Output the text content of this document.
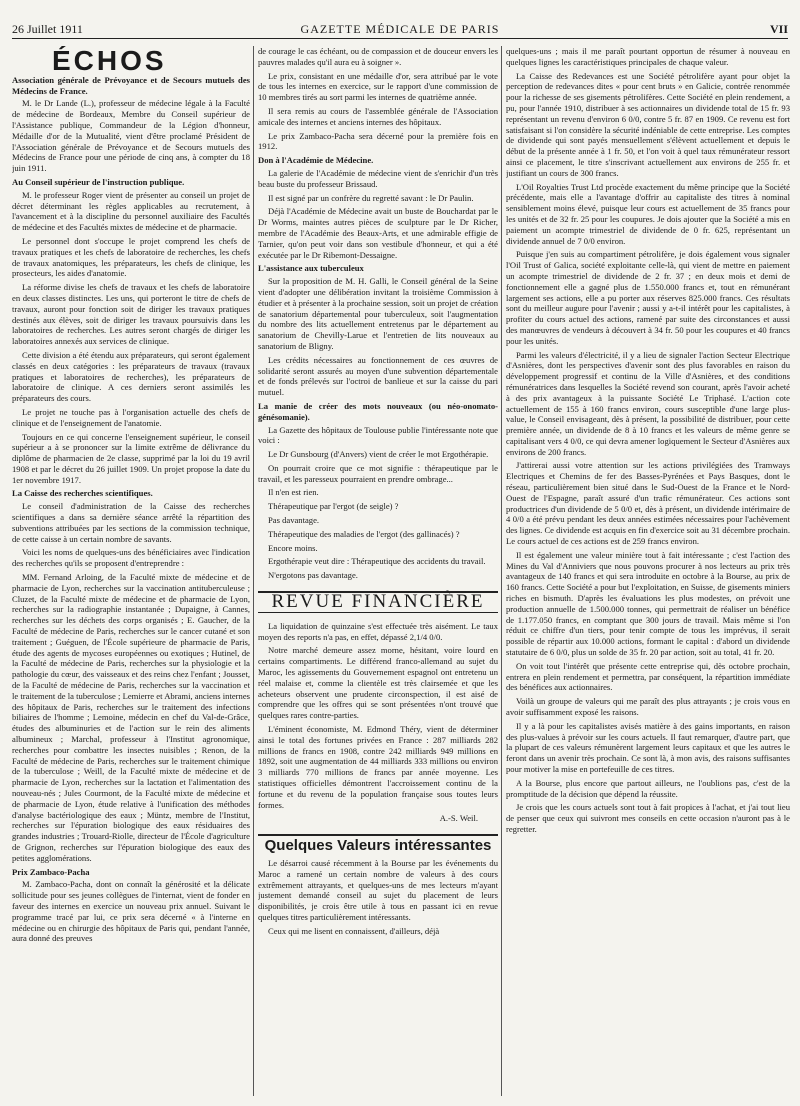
26 Juillet 1911	GAZETTE MÉDICALE DE PARIS	VII
ÉCHOS
Association générale de Prévoyance et de Secours mutuels des Médecins de France.

M. le Dr Lande (L.), professeur de médecine légale à la Faculté de médecine de Bordeaux, Membre du Conseil supérieur de l'Assistance publique, Commandeur de la Légion d'honneur, Médaille d'or de la Mutualité, vient d'être proclamé Président de l'Association générale de Prévoyance et de Secours mutuels des Médecins de France pour une période de cinq ans, à compter du 18 juin 1911.

Au Conseil supérieur de l'instruction publique.

M. le professeur Roger vient de présenter au conseil un projet de décret déterminant les règles applicables au recrutement, à l'avancement et à la discipline du personnel auxiliaire des Facultés de médecine et des Facultés mixtes de médecine et de pharmacie.

Le personnel dont s'occupe le projet comprend les chefs de travaux pratiques et les chefs de laboratoire de recherches, les chefs de travaux anatomiques, les préparateurs, les chefs de clinique, les prosecteurs, les aides d'anatomie.

La réforme divise les chefs de travaux et les chefs de laboratoire en deux classes distinctes. Les uns, qui porteront le titre de chefs de travaux, auront pour fonction soit de diriger les travaux pratiques destinés aux élèves, soit de diriger les travaux poursuivis dans les laboratoires de recherches. Les autres seront chargés de diriger les laboratoires annexés aux services de clinique.

Cette division a été étendu aux préparateurs, qui seront également classés en deux catégories : les préparateurs de travaux (travaux pratiques et laboratoires de recherches), les préparateurs de laboratoire de clinique. A ces derniers seront assimilés les préparateurs des cours.

Le projet ne touche pas à l'organisation actuelle des chefs de clinique et de l'enseignement de l'anatomie.

Toujours en ce qui concerne l'enseignement supérieur, le conseil supérieur a à se prononcer sur la limite extrême de délivrance du diplôme de pharmacien de 2e classe, supprimé par la loi du 19 avril 1908 et par le décret du 26 juillet 1909. Un projet propose la date du 1er novembre 1917.

La Caisse des recherches scientifiques.

Le conseil d'administration de la Caisse des recherches scientifiques a dans sa dernière séance arrêté la répartition des subventions attribuées par les sections de la commission technique, de cette caisse à un certain nombre de savants.

Voici les noms de quelques-uns des bénéficiaires avec l'indication des recherches qu'ils se proposent d'entreprendre :

MM. Fernand Arloing, de la Faculté mixte de médecine et de pharmacie de Lyon, recherches sur la vaccination antituberculeuse ; Cluzet, de la Faculté mixte de médecine et de pharmacie de Lyon, recherches sur la radiographie instantanée ; Dupaigne, à Cannes, recherches sur les déchets des corps organisés ; E. Gaucher, de la Faculté de médecine de Paris, recherches sur le cancer cutané et son traitement ; Guéguen, de l'École supérieure de pharmacie de Paris, étude des agents de mycoses européennes ou exotiques ; Hutinel, de la Faculté de médecine de Paris, recherches sur la physiologie et la pathologie du cœur, des vaisseaux et des reins chez l'enfant ; Jousset, de la Faculté de médecine de Paris, recherches sur la vaccination et le traitement de la tuberculose ; Lemierre et Abrami, anciens internes des hôpitaux de Paris, recherches sur le traitement des infections biliaires de l'homme ; Lemoine, médecin en chef du Val-de-Grâce, études des albuminuries et de l'action sur le rein des aliments albumineux ; Marchal, professeur à l'Institut agronomique, recherches pour combattre les insectes nuisibles ; Renon, de la Faculté de médecine de Paris, recherches sur le traitement chimique de la tuberculose ; Weill, de la Faculté mixte de médecine et de pharmacie de Lyon, recherches sur la lactation et l'alimentation des nouveau-nés ; Jules Courmont, de la Faculté mixte de médecine et de pharmacie de Lyon, étude relative à l'unification des méthodes d'analyse bactériologique des eaux ; Müntz, membre de l'Institut, recherches sur l'épuration biologique des eaux résiduaires des grandes industries ; Trouard-Riolle, directeur de l'École d'agriculture de Grignon, recherches sur l'épuration biologique des eaux des petites agglomérations.

Prix Zambaco-Pacha

M. Zambaco-Pacha, dont on connaît la générosité et la délicate sollicitude pour ses jeunes collègues de l'internat, vient de fonder en faveur des internes en exercice un nouveau prix annuel. Suivant le programme tracé par lui, ce prix sera décerné « à l'interne en médecine ou en chirurgie des hôpitaux de Paris qui, pendant l'année, aura donné des preuves

de courage le cas échéant, ou de compassion et de douceur envers les pauvres malades qu'il aura eu à soigner ».

Le prix, consistant en une médaille d'or, sera attribué par le vote de tous les internes en exercice, sur le rapport d'une commission de 10 membres tirés au sort parmi les internes de quatrième année.

Il sera remis au cours de l'assemblée générale de l'Association amicale des internes et anciens internes des hôpitaux.

Le prix Zambaco-Pacha sera décerné pour la première fois en 1912.

Don à l'Académie de Médecine.

La galerie de l'Académie de médecine vient de s'enrichir d'un très beau buste du professeur Brissaud.

Il est signé par un confrère du regretté savant : le Dr Paulin.

Déjà l'Académie de Médecine avait un buste de Bouchardat par le Dr Worms, maintes autres pièces de sculpture par le Dr Richer, membre de l'Académie des Beaux-Arts, et une admirable effigie de Tarnier, qu'on peut voir dans son vestibule d'honneur, et qui a été exécutée par le Dr Ribemont-Dessaigne.

L'assistance aux tuberculeux

Sur la proposition de M. H. Galli, le Conseil général de la Seine vient d'adopter une délibération invitant la troisième Commission à étudier et à présenter à la prochaine session, soit un projet de création de sanatorium départemental pour tuberculeux, soit l'augmentation du nombre des lits actuellement entretenus par le département au sanatorium de Chevilly-Larue et l'entretien de lits nouveaux au sanatorium de Bligny.

Les crédits nécessaires au fonctionnement de ces œuvres de solidarité seront assurés au moyen d'une subvention départementale et de fonds prélevés sur l'octroi de banlieue et sur la caisse du pari mutuel.

La manie de créer des mots nouveaux (ou néo-onomato-génésomanie).

La Gazette des hôpitaux de Toulouse publie l'intéressante note que voici :

Le Dr Gunsbourg (d'Anvers) vient de créer le mot Ergothérapie.

On pourrait croire que ce mot signifie : thérapeutique par le travail, et les paresseux pourraient en prendre ombrage...

Il n'en est rien.

Thérapeutique par l'ergot (de seigle) ?

Pas davantage.

Thérapeutique des maladies de l'ergot (des gallinacés) ?

Encore moins.

Ergothérapie veut dire : Thérapeutique des accidents du travail.

N'ergotons pas davantage.

REVUE FINANCIÈRE

La liquidation de quinzaine s'est effectuée très aisément. Le taux moyen des reports n'a pas, en effet, dépassé 2,1/4 0/0.

Notre marché demeure assez morne, hésitant, voire lourd en certains compartiments. Le différend franco-allemand au sujet du Maroc, les agissements du Gouvernement espagnol ont entretenu un réel malaise et, comme la clientèle est très clairsemée et que les acheteurs observent une prudente circonspection, il est aisé de comprendre que les offres qui se sont présentées n'ont trouvé que quelques rares contre-parties.

L'éminent économiste, M. Edmond Théry, vient de déterminer ainsi le total des fortunes privées en France : 287 milliards 282 millions de francs en 1908, contre 242 milliards 949 millions en 1892, soit une augmentation de 44 milliards 333 millions ou environ 3 milliards 770 millions de francs par année moyenne. Les statistiques officielles démontrent l'accroissement continu de la fortune et du revenu de la population française sous toutes leurs formes.

A.-S. Weil.
Quelques Valeurs intéressantes

Le désarroi causé récemment à la Bourse par les événements du Maroc a ramené un certain nombre de valeurs à des cours extrêmement attrayants, et quelques-uns de mes lecteurs m'ayant justement demandé conseil au sujet du placement de leurs disponibilités, je crois être utile à tous en passant ici en revue quelques titres particulièrement intéressants.

Ceux qui me lisent en connaissent, d'ailleurs, déjà

quelques-uns ; mais il me paraît pourtant opportun de résumer à nouveau en quelques lignes les caractéristiques principales de chaque valeur.

La Caisse des Redevances est une Société pétrolifère ayant pour objet la perception de redevances dites « pour cent bruts » en Galicie, contrée renommée pour la richesse de ses gisements pétrolifères. Cette Société en plein rendement, a pu, pour l'année 1910, distribuer à ses actionnaires un dividende total de 15 fr. 93 représentant un revenu d'environ 6 0/0, contre 5 fr. 87 en 1909. Ce revenu est fort satisfaisant si l'on considère la sécurité indéniable de cette entreprise. Les comptes de dividende qui sont payés mensuellement s'élèvent actuellement et depuis le début de la présente année à 1 fr. 50, et l'on voit à quel taux rémunérateur ressort ainsi ce placement, le titre s'inscrivant actuellement aux environs de 255 fr. et justifiant un cours de 300 francs.

L'Oil Royalties Trust Ltd procède exactement du même principe que la Société précédente, mais elle a l'avantage d'offrir au capitaliste des titres à nominal sensiblement moins élevé, puisque leur cours est actuellement de 35 francs pour les unités et de 32 fr. 25 pour les coupures. Je dois ajouter que la Société a mis en paiement un acompte trimestriel de dividende de 0 fr. 625, représentant un dividende annuel de 7 0/0 environ.

Puisque j'en suis au compartiment pétrolifère, je dois également vous signaler l'Oil Trust of Galica, société exploitante celle-là, qui vient de mettre en paiement un acompte trimestriel de dividende de 2 fr. 37 ; en deux mois et demi de fonctionnement elle a gagné plus de 1.550.000 francs et, tout en rémunérant largement ses actions, elle a pu porter aux réserves 825.000 francs. Ces résultats sont du meilleur augure pour l'avenir ; aussi y a-t-il intérêt pour les capitalistes, à profiter du cours actuel des actions, ramené par suite des circonstances et aussi des manœuvres de vendeurs à découvert à 34 fr. 50 pour les coupures et 40 francs pour les unités.

Parmi les valeurs d'électricité, il y a lieu de signaler l'action Secteur Electrique d'Asnières, dont les perspectives d'avenir sont des plus favorables en raison du développement progressif et continu de la Ville d'Asnières, et des conditions rémunératrices dans lesquelles la Société revend son courant, après l'avoir acheté à des prix avantageux à la puissante Société Le Triphasé. L'action cote actuellement de 155 à 160 francs environ, cours susceptible d'une large plus-value, le Conseil envisageant, dès à présent, la possibilité de distribuer, pour cette première année, un dividende de 8 à 10 francs et les valeurs de même genre se capitalisant vers 4 0/0, ce qui devra amener logiquement le Secteur d'Asnières aux environs de 200 francs.

J'attirerai aussi votre attention sur les actions privilégiées des Tramways Electriques et Chemins de fer des Basses-Pyrénées et Pays Basques, dont le réseau, particulièrement bien situé dans le Sud-Ouest de la France et le Nord-Ouest de l'Espagne, paraît assuré d'un trafic rémunérateur. Ces actions sont productrices d'un dividende de 5 0/0 et, dès à présent, un dividende intérimaire de 4 0/0 a été prévu pendant les deux années estimées nécessaires pour l'achèvement des lignes. Ce dividende est acquis en fin d'exercice soit au 31 décembre prochain. Le cours actuel de ces actions est de 259 francs environ.

Il est également une valeur minière tout à fait intéressante ; c'est l'action des Mines du Val d'Anniviers que nous pouvons procurer à nos lecteurs au prix très avantageux de 140 francs et qui sera introduite en octobre à la Bourse, au prix de 160 francs. Cette Société a pour but l'exploitation, en Suisse, de gisements miniers riches en bismuth. D'après les évaluations les plus modestes, on prévoit une production annuelle de 1.500.000 tonnes, qui permettrait de réaliser un bénéfice de 1.177.050 francs, en comptant que 300 jours de travail. Mais même si l'on réduit ce chiffre d'un tiers, pour tenir compte de tous les imprévus, il serait possible de répartir aux 10.000 actions, formant le capital : d'abord un dividende statutaire de 6 0/0, plus un solde de 35 fr. 20 par action, soit au total, 41 fr. 20.

On voit tout l'intérêt que présente cette entreprise qui, dès octobre prochain, entrera en plein rendement et permettra, par conséquent, la répartition immédiate des bénéfices aux actionnaires.

Voilà un groupe de valeurs qui me paraît des plus attrayants ; je crois vous en avoir suffisamment exposé les raisons.

Il y a là pour les capitalistes avisés matière à des gains importants, en raison des plus-values à prévoir sur les cours actuels. Il faut remarquer, d'autre part, que la plupart de ces valeurs rémunèrent largement leurs capitaux et que les autres le feront dans un avenir très prochain. Ce sont là, à mon avis, des raisons suffisantes pour motiver la mise en portefeuille de ces titres.

A la Bourse, plus encore que partout ailleurs, ne l'oublions pas, c'est de la promptitude de la décision que dépend la réussite.

Je crois que les cours actuels sont tout à fait propices à l'achat, et j'ai tout lieu de penser que ceux qui suivront mes conseils en cette occasion n'auront pas à le regretter.
